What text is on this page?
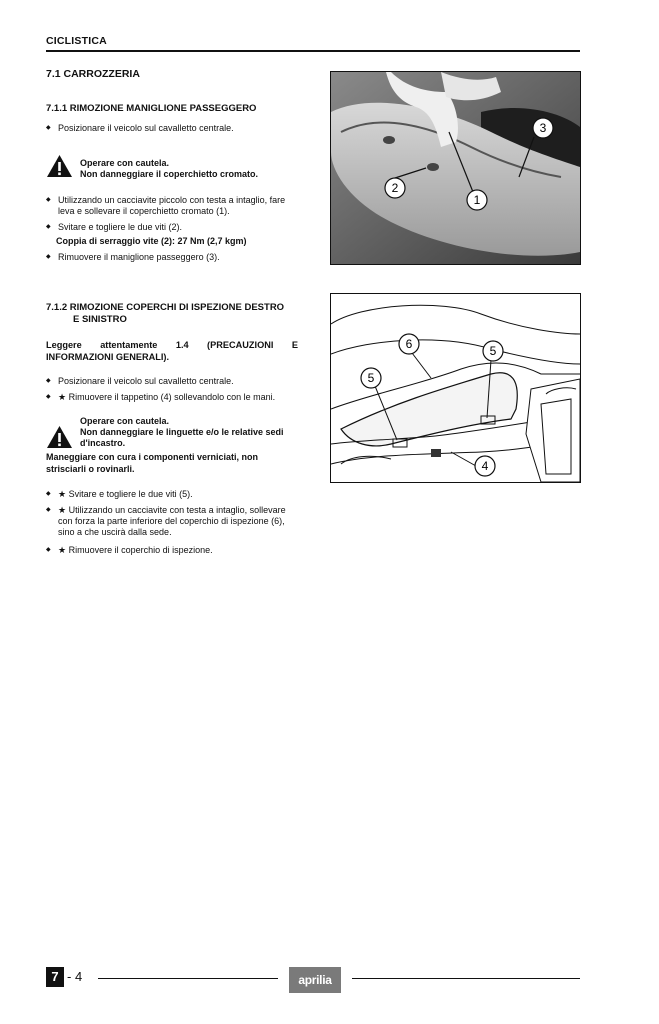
CICLISTICA
7.1 CARROZZERIA
7.1.1 RIMOZIONE MANIGLIONE PASSEGGERO
◆ Posizionare il veicolo sul cavalletto centrale.
Operare con cautela.
Non danneggiare il coperchietto cromato.
◆ Utilizzando un cacciavite piccolo con testa a intaglio, fare leva e sollevare il coperchietto cromato (1).
◆ Svitare e togliere le due viti (2).
Coppia di serraggio vite (2): 27 Nm (2,7 kgm)
◆ Rimuovere il maniglione passeggero (3).
1
2
3
7.1.2 RIMOZIONE COPERCHI DI ISPEZIONE DESTRO
E SINISTRO
Leggere attentamente 1.4 (PRECAUZIONI E INFORMAZIONI GENERALI).
◆ Posizionare il veicolo sul cavalletto centrale.
◆ ★ Rimuovere il tappetino (4) sollevandolo con le mani.
Operare con cautela.
Non danneggiare le linguette e/o le relative sedi d'incastro.
Maneggiare con cura i componenti verniciati, non strisciarli o rovinarli.
◆ ★ Svitare e togliere le due viti (5).
◆ ★ Utilizzando un cacciavite con testa a intaglio, sollevare con forza la parte inferiore del coperchio di ispezione (6), sino a che uscirà dalla sede.
◆ ★ Rimuovere il coperchio di ispezione.
6	5
5
4
7 - 4	aprilia
